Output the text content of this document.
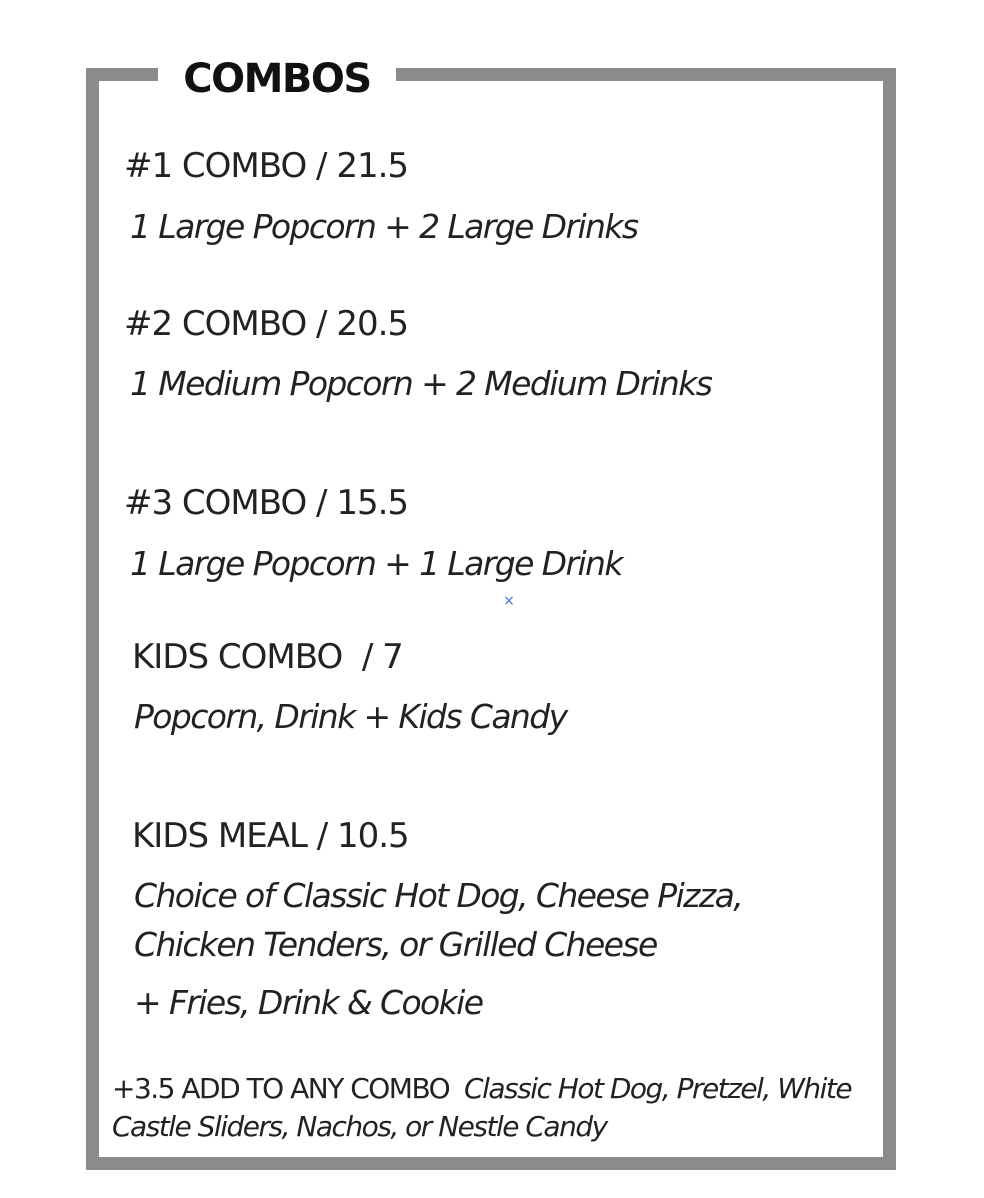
COMBOS
#1 COMBO / 21.5

1 Large Popcorn + 2 Large Drinks

#2 COMBO / 20.5

1 Medium Popcorn + 2 Medium Drinks

#3 COMBO / 15.5

1 Large Popcorn + 1 Large Drink

×
KIDS COMBO  / 7

Popcorn, Drink + Kids Candy

KIDS MEAL / 10.5

Choice of Classic Hot Dog, Cheese Pizza,

Chicken Tenders, or Grilled Cheese

+ Fries, Drink & Cookie

+3.5 ADD TO ANY COMBO Classic Hot Dog, Pretzel, White Castle Sliders, Nachos, or Nestle Candy
